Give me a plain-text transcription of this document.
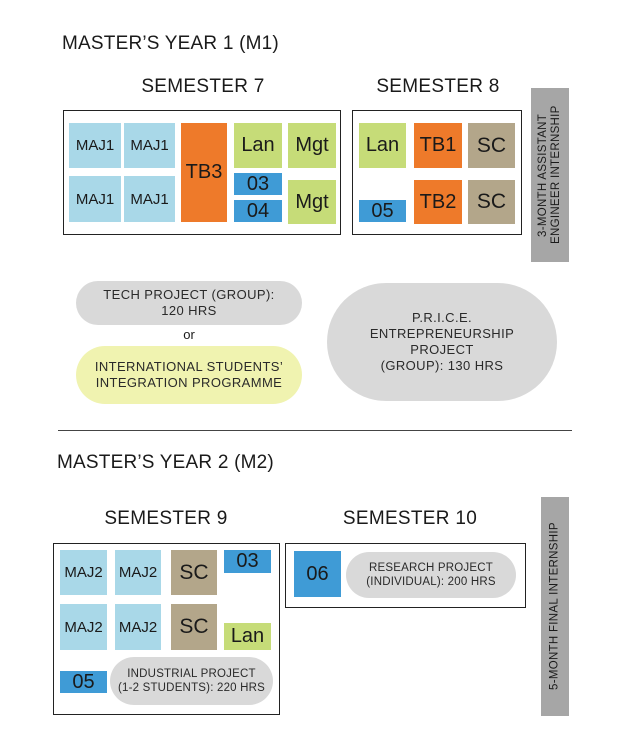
MASTER’S YEAR 1 (M1)
SEMESTER 7	SEMESTER 8
MAJ1	MAJ1
MAJ1	MAJ1
TB3
Lan
03
04
Mgt
Mgt
Lan	TB1 SC
05	TB2 SC	3-MONTH ASSISTANT
ENGINEER INTERNSHIP
TECH PROJECT (GROUP):
120 HRS
or
INTERNATIONAL STUDENTS’
INTEGRATION PROGRAMME
P.R.I.C.E.
ENTREPRENEURSHIP
PROJECT
(GROUP): 130 HRS
MASTER’S YEAR 2 (M2)
SEMESTER 9	SEMESTER 10
MAJ2 MAJ2
MAJ2 MAJ2
SC
SC
03
Lan
05	INDUSTRIAL PROJECT
(1-2 STUDENTS): 220 HRS
06	RESEARCH PROJECT
(INDIVIDUAL): 200 HRS	5-MONTH FINAL INTERNSHIP
